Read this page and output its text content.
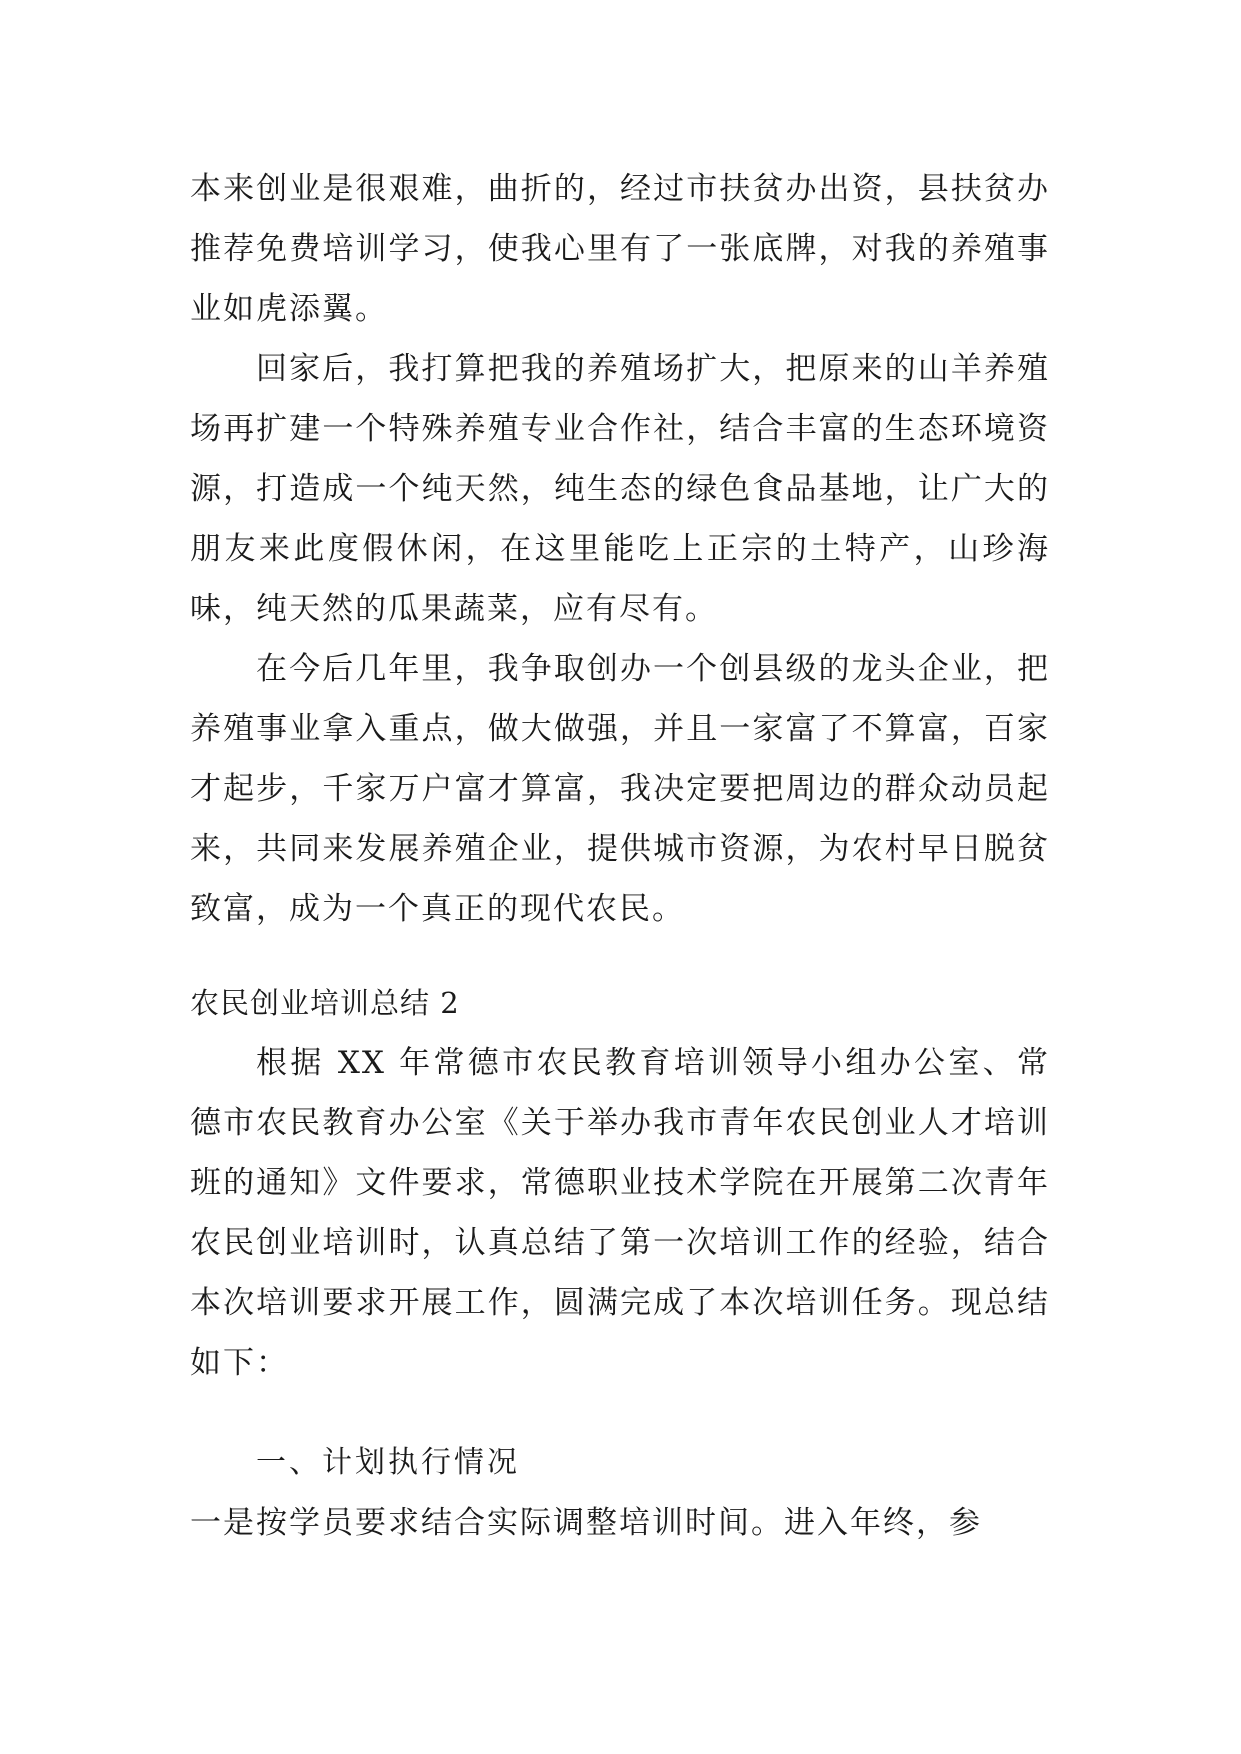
本来创业是很艰难，曲折的，经过市扶贫办出资，县扶贫办推荐免费培训学习，使我心里有了一张底牌，对我的养殖事业如虎添翼。

回家后，我打算把我的养殖场扩大，把原来的山羊养殖场再扩建一个特殊养殖专业合作社，结合丰富的生态环境资源，打造成一个纯天然，纯生态的绿色食品基地，让广大的朋友来此度假休闲，在这里能吃上正宗的土特产，山珍海味，纯天然的瓜果蔬菜，应有尽有。

在今后几年里，我争取创办一个创县级的龙头企业，把养殖事业拿入重点，做大做强，并且一家富了不算富，百家才起步，千家万户富才算富，我决定要把周边的群众动员起来，共同来发展养殖企业，提供城市资源，为农村早日脱贫致富，成为一个真正的现代农民。

农民创业培训总结 2

根据 XX 年常德市农民教育培训领导小组办公室、常德市农民教育办公室《关于举办我市青年农民创业人才培训班的通知》文件要求，常德职业技术学院在开展第二次青年农民创业培训时，认真总结了第一次培训工作的经验，结合本次培训要求开展工作，圆满完成了本次培训任务。现总结如下：

一、计划执行情况

一是按学员要求结合实际调整培训时间。进入年终，参
